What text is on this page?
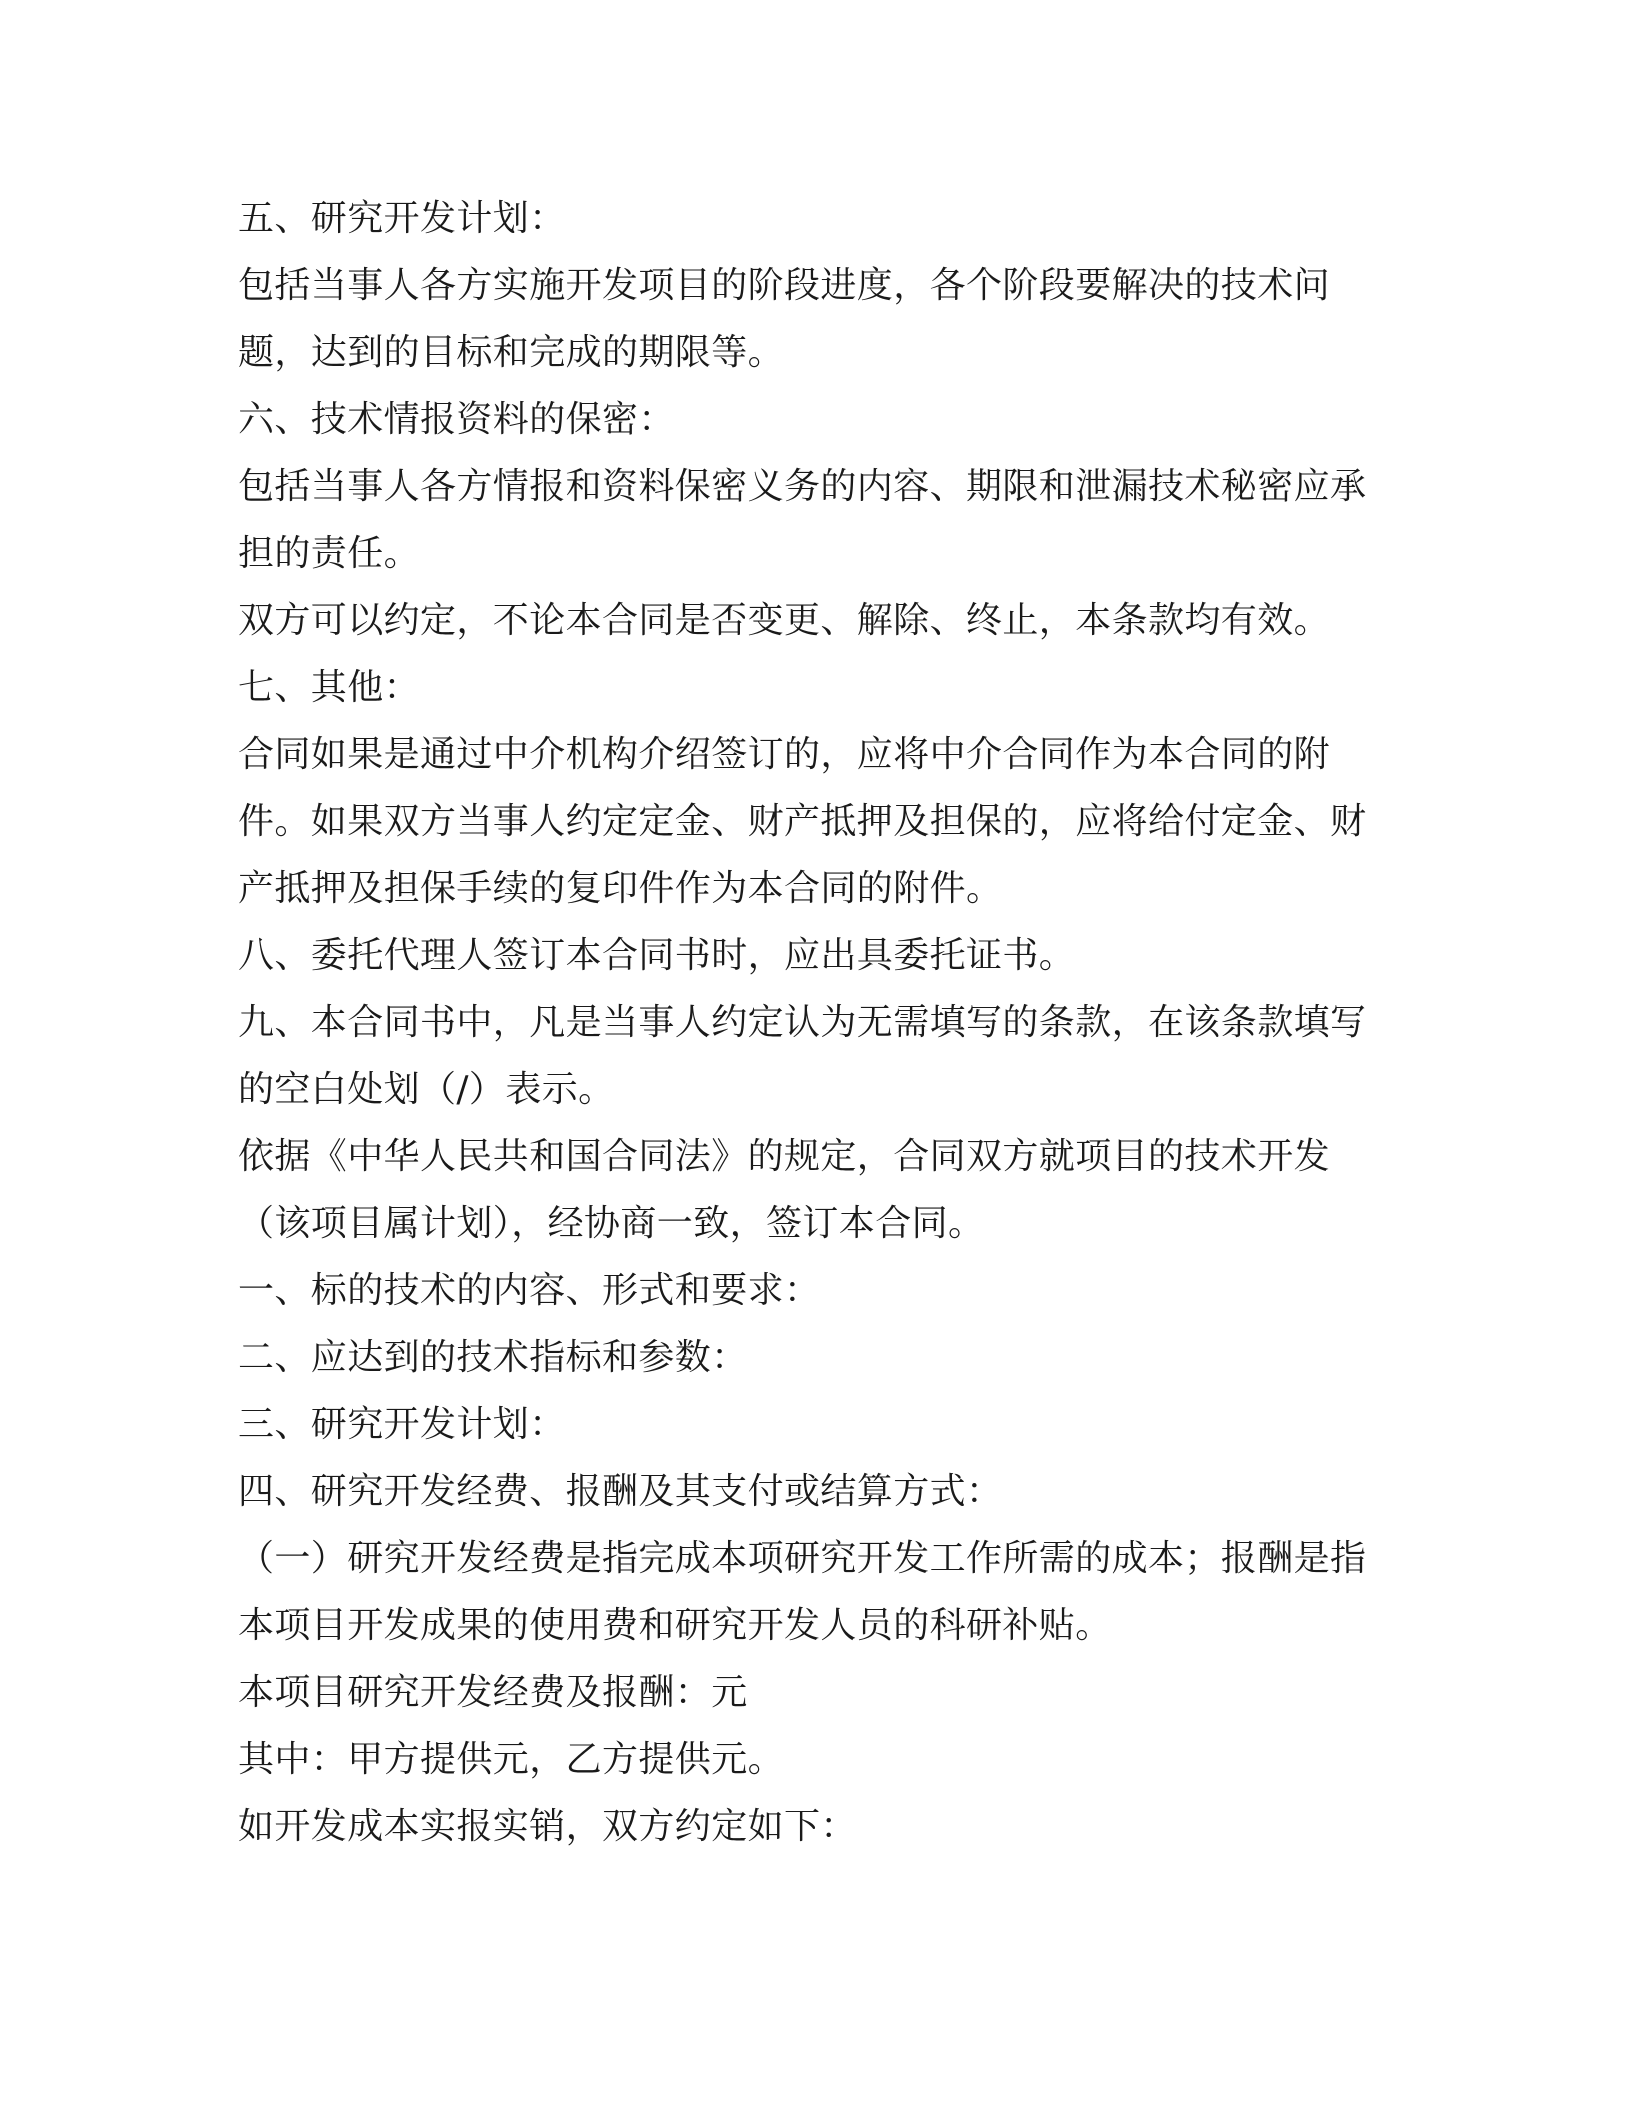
五、研究开发计划：

包括当事人各方实施开发项目的阶段进度，各个阶段要解决的技术问题，达到的目标和完成的期限等。

六、技术情报资料的保密：

包括当事人各方情报和资料保密义务的内容、期限和泄漏技术秘密应承担的责任。

双方可以约定，不论本合同是否变更、解除、终止，本条款均有效。

七、其他：

合同如果是通过中介机构介绍签订的，应将中介合同作为本合同的附件。如果双方当事人约定定金、财产抵押及担保的，应将给付定金、财产抵押及担保手续的复印件作为本合同的附件。

八、委托代理人签订本合同书时，应出具委托证书。

九、本合同书中，凡是当事人约定认为无需填写的条款，在该条款填写的空白处划（/）表示。

依据《中华人民共和国合同法》的规定，合同双方就项目的技术开发（该项目属计划），经协商一致，签订本合同。

一、标的技术的内容、形式和要求：

二、应达到的技术指标和参数：

三、研究开发计划：

四、研究开发经费、报酬及其支付或结算方式：

（一）研究开发经费是指完成本项研究开发工作所需的成本；报酬是指本项目开发成果的使用费和研究开发人员的科研补贴。

本项目研究开发经费及报酬：元

其中：甲方提供元，乙方提供元。

如开发成本实报实销，双方约定如下：
